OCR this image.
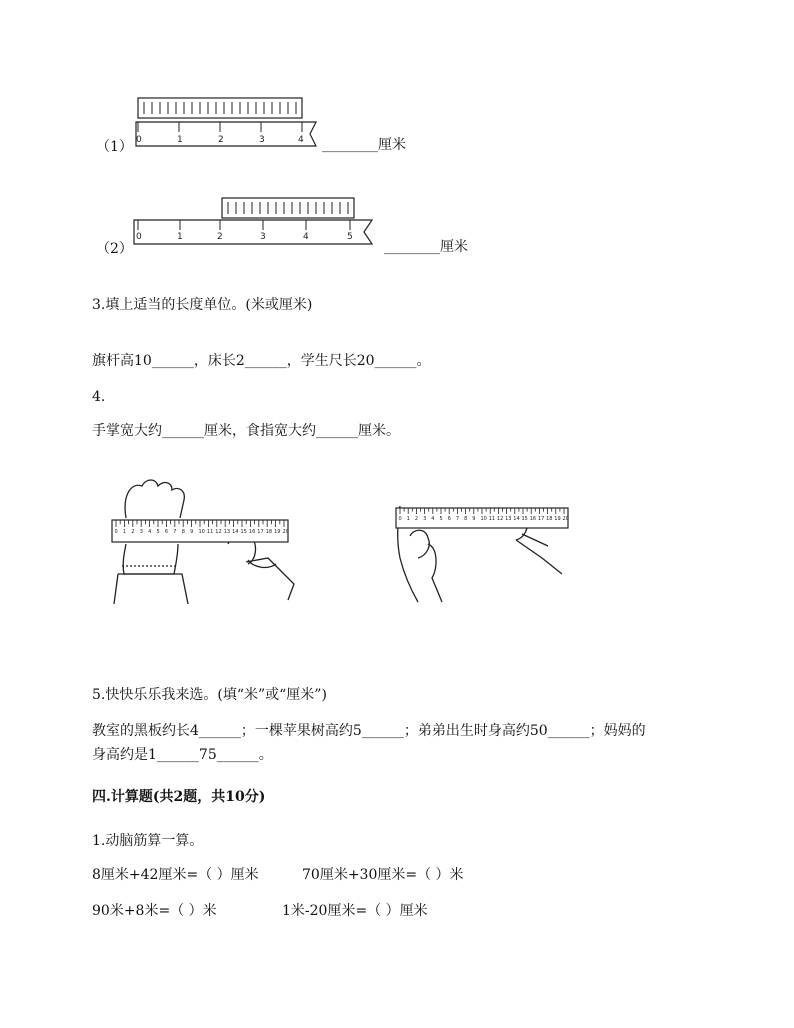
0	1	2	3	4
（1）	________厘米
0	1	2	3	4	5
（2）	________厘米
3.填上适当的长度单位。(米或厘米)
旗杆高10______，床长2______，学生尺长20______。
4.
手掌宽大约______厘米，食指宽大约______厘米。
0 1 2 3 4 5 6 7 8 9 10 11 12 13 14 15 16 17 18 19 20
0 1 2 3 4 5 6 7 8 9 10 11 12 13 14 15 16 17 18 19 20
5.快快乐乐我来选。(填“米”或“厘米”)
教室的黑板约长4______；一棵苹果树高约5______；弟弟出生时身高约50______；妈妈的
身高约是1______75______。
四.计算题(共2题，共10分)
1.动脑筋算一算。
8厘米+42厘米=（ ）厘米	70厘米+30厘米=（ ）米
90米+8米=（ ）米	1米-20厘米=（ ）厘米
